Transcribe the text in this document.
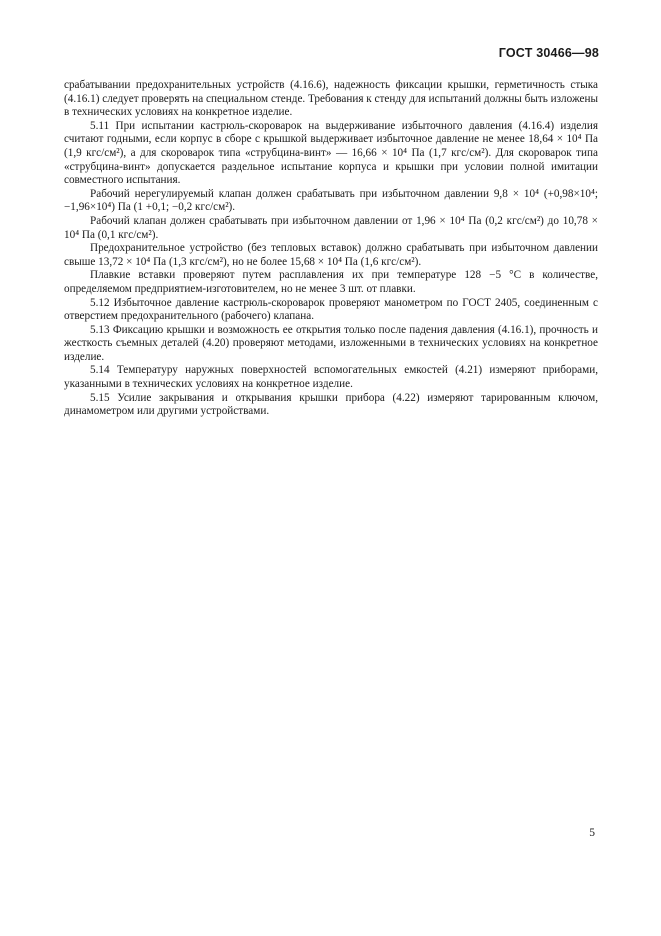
ГОСТ 30466—98

срабатывании предохранительных устройств (4.16.6), надежность фиксации крышки, герметичность стыка (4.16.1) следует проверять на специальном стенде. Требования к стенду для испытаний должны быть изложены в технических условиях на конкретное изделие.

5.11 При испытании кастрюль-скороварок на выдерживание избыточного давления (4.16.4) изделия считают годными, если корпус в сборе с крышкой выдерживает избыточное давление не менее 18,64 × 10⁴ Па (1,9 кгс/см²), а для скороварок типа «струбцина-винт» — 16,66 × 10⁴ Па (1,7 кгс/см²). Для скороварок типа «струбцина-винт» допускается раздельное испытание корпуса и крышки при условии полной имитации совместного испытания.

Рабочий нерегулируемый клапан должен срабатывать при избыточном давлении 9,8 × 10⁴ (+0,98×10⁴; −1,96×10⁴) Па (1 +0,1; −0,2 кгс/см²).

Рабочий клапан должен срабатывать при избыточном давлении от 1,96 × 10⁴ Па (0,2 кгс/см²) до 10,78 × 10⁴ Па (0,1 кгс/см²).

Предохранительное устройство (без тепловых вставок) должно срабатывать при избыточном давлении свыше 13,72 × 10⁴ Па (1,3 кгс/см²), но не более 15,68 × 10⁴ Па (1,6 кгс/см²).

Плавкие вставки проверяют путем расплавления их при температуре 128 −5 °С в количестве, определяемом предприятием-изготовителем, но не менее 3 шт. от плавки.

5.12 Избыточное давление кастрюль-скороварок проверяют манометром по ГОСТ 2405, соединенным с отверстием предохранительного (рабочего) клапана.

5.13 Фиксацию крышки и возможность ее открытия только после падения давления (4.16.1), прочность и жесткость съемных деталей (4.20) проверяют методами, изложенными в технических условиях на конкретное изделие.

5.14 Температуру наружных поверхностей вспомогательных емкостей (4.21) измеряют приборами, указанными в технических условиях на конкретное изделие.

5.15 Усилие закрывания и открывания крышки прибора (4.22) измеряют тарированным ключом, динамометром или другими устройствами.

5
